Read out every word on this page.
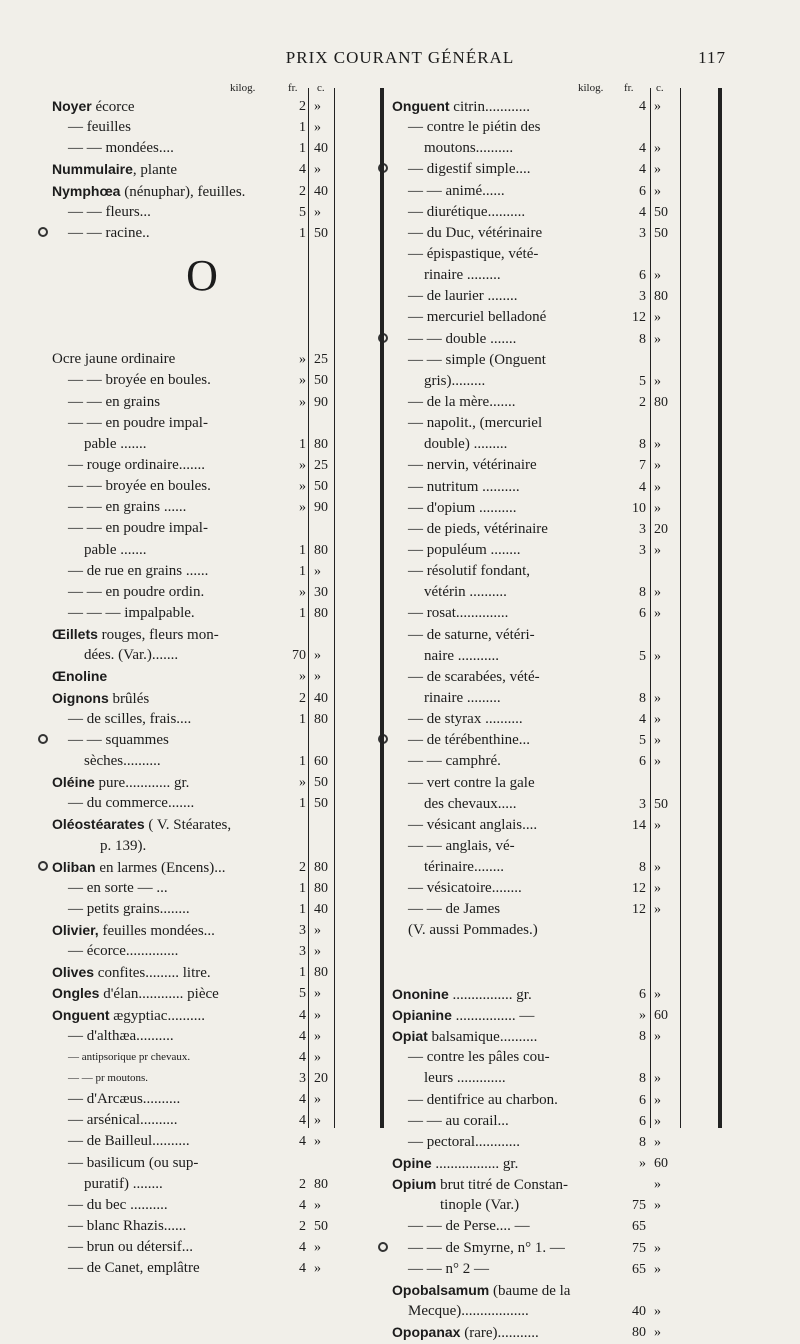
PRIX COURANT GÉNÉRAL	117
kilog.	fr. c.
Noyer écorce	2 »
— feuilles	1 »
— — mondées....	1 40
Nummulaire, plante	4 »
Nymphœa (nénuphar), feuilles.	2 40
— — fleurs...	5 »
— — racine..	1 50
O
Ocre jaune ordinaire	» 25
— — broyée en boules.	» 50
— — en grains	» 90
— — en poudre impal-
pable .......	1 80
— rouge ordinaire.......	» 25
— — broyée en boules.	» 50
— — en grains ......	» 90
— — en poudre impal-
pable .......	1 80
— de rue en grains ......	1 »
— — en poudre ordin.	» 30
— — — impalpable.	1 80
Œillets rouges, fleurs mon-
dées. (Var.).......	70 »
Œnoline	» »
Oignons brûlés	2 40
— de scilles, frais....	1 80
— — squammes
sèches..........	1 60
Oléine pure............ gr.	» 50
— du commerce.......	1 50
Oléostéarates ( V. Stéarates,
p. 139).
Oliban en larmes (Encens)...	2 80
— en sorte — ...	1 80
— petits grains........	1 40
Olivier, feuilles mondées...	3 »
— écorce..............	3 »
Olives confites......... litre.	1 80
Ongles d'élan............ pièce	5 »
Onguent ægyptiac..........	4 »
— d'althæa..........	4 »
— antipsorique pr chevaux.	4 »
— — pr moutons.	3 20
— d'Arcæus..........	4 »
— arsénical..........	4 »
— de Bailleul..........	4 »
— basilicum (ou sup-
puratif) ........	2 80
— du bec ..........	4 »
— blanc Rhazis......	2 50
— brun ou détersif...	4 »
— de Canet, emplâtre	4 »
kilog. fr. c.
Onguent citrin............	4 »
— contre le piétin des
moutons..........	4 »
— digestif simple....	4 »
— — animé......	6 »
— diurétique..........	4 50
— du Duc, vétérinaire	3 50
— épispastique, vété-
rinaire .........	6 »
— de laurier ........	3 80
— mercuriel belladoné	12 »
— — double .......	8 »
— — simple (Onguent
gris).........	5 »
— de la mère.......	2 80
— napolit., (mercuriel
double) .........	8 »
— nervin, vétérinaire	7 »
— nutritum ..........	4 »
— d'opium ..........	10 »
— de pieds, vétérinaire	3 20
— populéum ........	3 »
— résolutif fondant,
vétérin ..........	8 »
— rosat..............	6 »
— de saturne, vétéri-
naire ...........	5 »
— de scarabées, vété-
rinaire .........	8 »
— de styrax ..........	4 »
— de térébenthine...	5 »
— — camphré.	6 »
— vert contre la gale
des chevaux.....	3 50
— vésicant anglais....	14 »
— — anglais, vé-
térinaire........	8 »
— vésicatoire........	12 »
— — de James	12 »
(V. aussi Pommades.)
Ononine ................ gr.	6 »
Opianine ................ —	» 60
Opiat balsamique..........	8 »
— contre les pâles cou-
leurs .............	8 »
— dentifrice au charbon.	6 »
— — au corail...	6 »
— pectoral............	8 »
Opine ................. gr.	» 60
Opium brut titré de Constan-	»
tinople (Var.)	75 »
— — de Perse.... —	65
— — de Smyrne, n° 1. —	75 »
— — n° 2 —	65 »
Opobalsamum (baume de la
Mecque)..................	40 »
Opopanax (rare)...........	80 »
